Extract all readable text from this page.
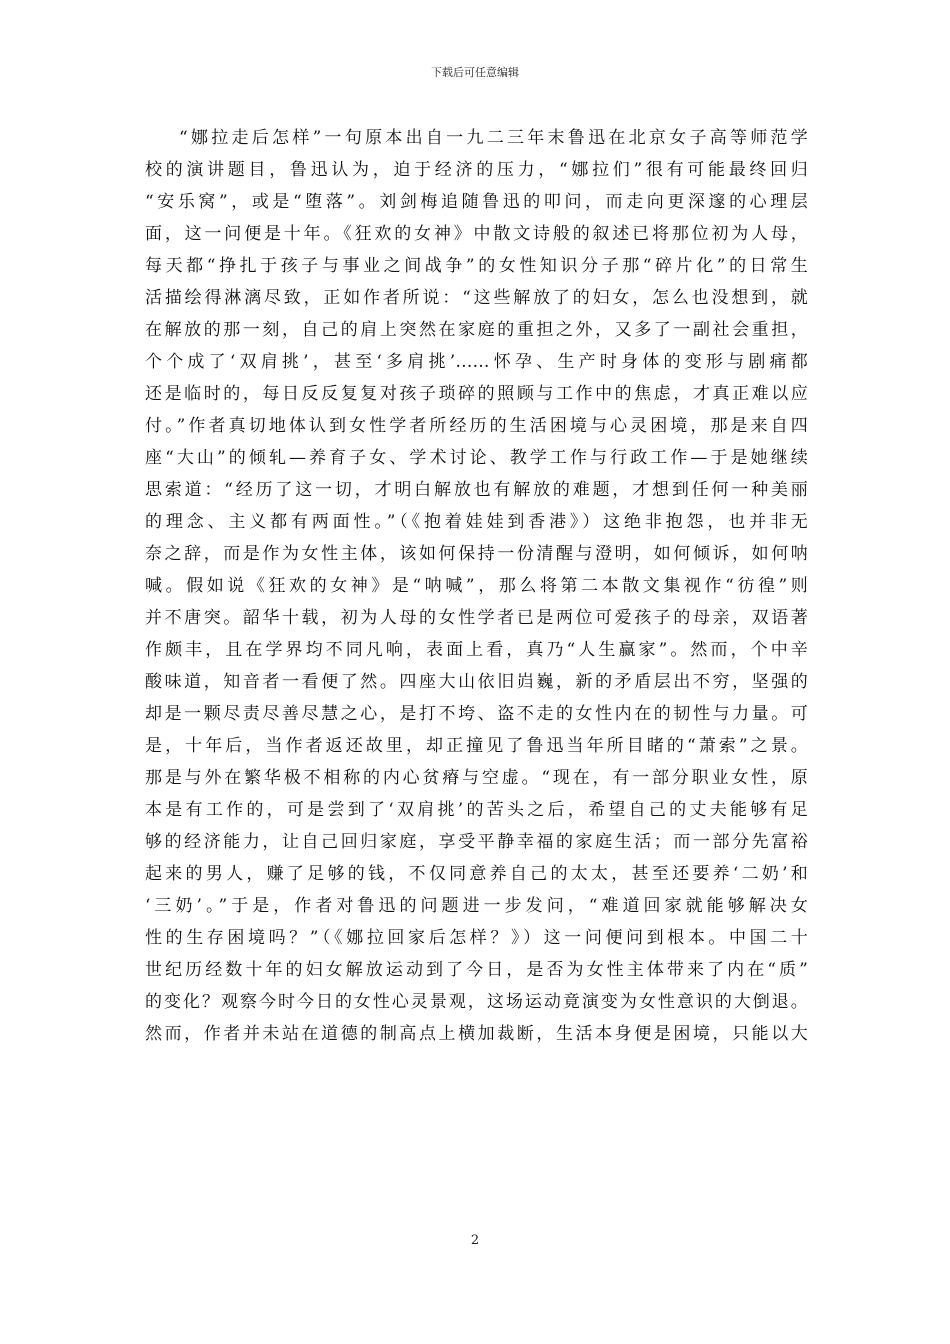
下载后可任意编辑
“娜拉走后怎样”一句原本出自一九二三年末鲁迅在北京女子高等师范学
校的演讲题目，鲁迅认为，迫于经济的压力，“娜拉们”很有可能最终回归
“安乐窝”，或是“堕落”。刘剑梅追随鲁迅的叩问，而走向更深邃的心理层
面，这一问便是十年。《狂欢的女神》中散文诗般的叙述已将那位初为人母，
每天都“挣扎于孩子与事业之间战争”的女性知识分子那“碎片化”的日常生
活描绘得淋漓尽致，正如作者所说：“这些解放了的妇女，怎么也没想到，就
在解放的那一刻，自己的肩上突然在家庭的重担之外，又多了一副社会重担，
个个成了‘双肩挑’，甚至‘多肩挑’……怀孕、生产时身体的变形与剧痛都
还是临时的，每日反反复复对孩子琐碎的照顾与工作中的焦虑，才真正难以应
付。”作者真切地体认到女性学者所经历的生活困境与心灵困境，那是来自四
座“大山”的倾轧—养育子女、学术讨论、教学工作与行政工作—于是她继续
思索道：“经历了这一切，才明白解放也有解放的难题，才想到任何一种美丽
的理念、主义都有两面性。”（《抱着娃娃到香港》）这绝非抱怨，也并非无
奈之辞，而是作为女性主体，该如何保持一份清醒与澄明，如何倾诉，如何呐
喊。假如说《狂欢的女神》是“呐喊”，那么将第二本散文集视作“彷徨”则
并不唐突。韶华十载，初为人母的女性学者已是两位可爱孩子的母亲，双语著
作颇丰，且在学界均不同凡响，表面上看，真乃“人生赢家”。然而，个中辛
酸味道，知音者一看便了然。四座大山依旧岿巍，新的矛盾层出不穷，坚强的
却是一颗尽责尽善尽慧之心，是打不垮、盗不走的女性内在的韧性与力量。可
是，十年后，当作者返还故里，却正撞见了鲁迅当年所目睹的“萧索”之景。
那是与外在繁华极不相称的内心贫瘠与空虚。“现在，有一部分职业女性，原
本是有工作的，可是尝到了‘双肩挑’的苦头之后，希望自己的丈夫能够有足
够的经济能力，让自己回归家庭，享受平静幸福的家庭生活；而一部分先富裕
起来的男人，赚了足够的钱，不仅同意养自己的太太，甚至还要养‘二奶’和
‘三奶’。”于是，作者对鲁迅的问题进一步发问，“难道回家就能够解决女
性的生存困境吗？”（《娜拉回家后怎样？》）这一问便问到根本。中国二十
世纪历经数十年的妇女解放运动到了今日，是否为女性主体带来了内在“质”
的变化？观察今时今日的女性心灵景观，这场运动竟演变为女性意识的大倒退。
然而，作者并未站在道德的制高点上横加裁断，生活本身便是困境，只能以大
2
